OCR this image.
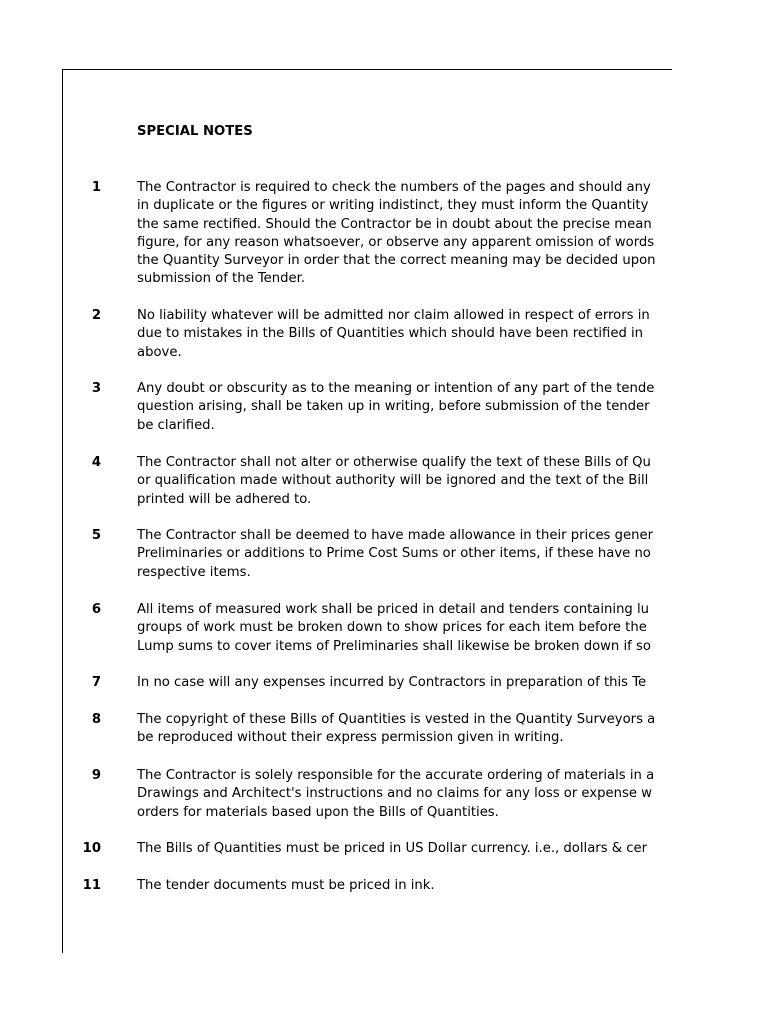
SPECIAL NOTES
1	The Contractor is required to check the numbers of the pages and should any
in duplicate or the figures or writing indistinct, they must inform the Quantity
the same rectified. Should the Contractor be in doubt about the precise mean
figure, for any reason whatsoever, or observe any apparent omission of words
the Quantity Surveyor in order that the correct meaning may be decided upon
submission of the Tender.
2	No liability whatever will be admitted nor claim allowed in respect of errors in
due to mistakes in the Bills of Quantities which should have been rectified in
above.
3	Any doubt or obscurity as to the meaning or intention of any part of the tende
question arising, shall be taken up in writing, before submission of the tender
be clarified.
4	The Contractor shall not alter or otherwise qualify the text of these Bills of Qu
or qualification made without authority will be ignored and the text of the Bill
printed will be adhered to.
5	The Contractor shall be deemed to have made allowance in their prices gener
Preliminaries or additions to Prime Cost Sums or other items, if these have no
respective items.
6	All items of measured work shall be priced in detail and tenders containing lu
groups of work must be broken down to show prices for each item before the
Lump sums to cover items of Preliminaries shall likewise be broken down if so
7	In no case will any expenses incurred by Contractors in preparation of this Te
8	The copyright of these Bills of Quantities is vested in the Quantity Surveyors a
be reproduced without their express permission given in writing.
9	The Contractor is solely responsible for the accurate ordering of materials in a
Drawings and Architect's instructions and no claims for any loss or expense w
orders for materials based upon the Bills of Quantities.
10	The Bills of Quantities must be priced in US Dollar currency. i.e., dollars & cer
11	The tender documents must be priced in ink.
